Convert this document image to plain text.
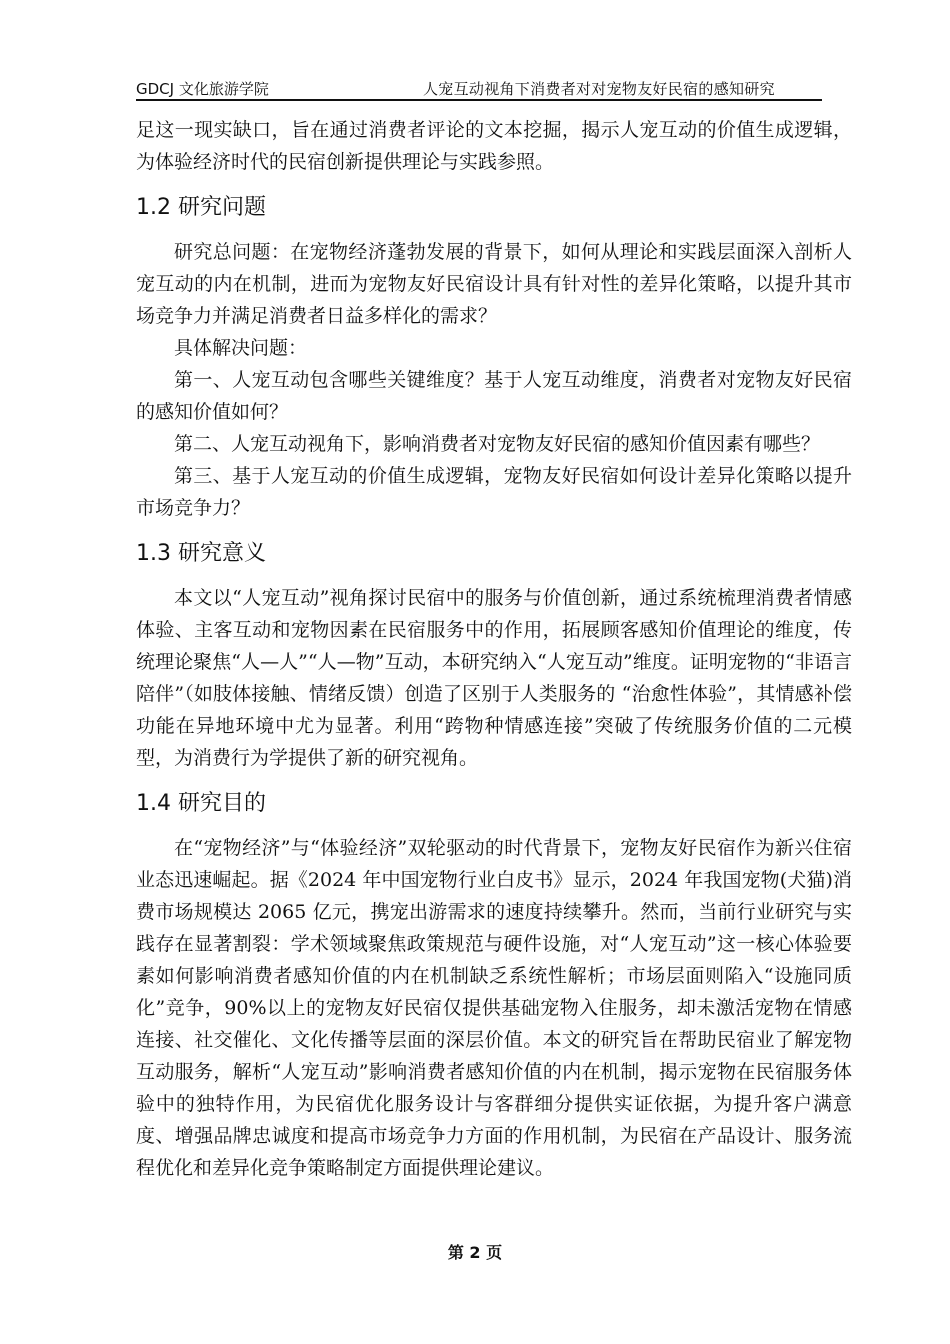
GDCJ 文化旅游学院	人宠互动视角下消费者对对宠物友好民宿的感知研究

足这一现实缺口，旨在通过消费者评论的文本挖掘，揭示人宠互动的价值生成逻辑，为体验经济时代的民宿创新提供理论与实践参照。

1.2 研究问题

研究总问题：在宠物经济蓬勃发展的背景下，如何从理论和实践层面深入剖析人宠互动的内在机制，进而为宠物友好民宿设计具有针对性的差异化策略，以提升其市场竞争力并满足消费者日益多样化的需求？

具体解决问题：

第一、人宠互动包含哪些关键维度？基于人宠互动维度，消费者对宠物友好民宿的感知价值如何？

第二、人宠互动视角下，影响消费者对宠物友好民宿的感知价值因素有哪些？

第三、基于人宠互动的价值生成逻辑，宠物友好民宿如何设计差异化策略以提升市场竞争力？

1.3 研究意义

本文以“人宠互动”视角探讨民宿中的服务与价值创新，通过系统梳理消费者情感体验、主客互动和宠物因素在民宿服务中的作用，拓展顾客感知价值理论的维度，传统理论聚焦“人—人”“人—物”互动，本研究纳入“人宠互动”维度。证明宠物的“非语言陪伴”（如肢体接触、情绪反馈）创造了区别于人类服务的 “治愈性体验”，其情感补偿功能在异地环境中尤为显著。利用“跨物种情感连接”突破了传统服务价值的二元模型，为消费行为学提供了新的研究视角。

1.4 研究目的

在“宠物经济”与“体验经济”双轮驱动的时代背景下，宠物友好民宿作为新兴住宿业态迅速崛起。据《2024 年中国宠物行业白皮书》显示，2024 年我国宠物(犬猫)消费市场规模达 2065 亿元，携宠出游需求的速度持续攀升。然而，当前行业研究与实践存在显著割裂：学术领域聚焦政策规范与硬件设施，对“人宠互动”这一核心体验要素如何影响消费者感知价值的内在机制缺乏系统性解析；市场层面则陷入“设施同质化”竞争，90%以上的宠物友好民宿仅提供基础宠物入住服务，却未激活宠物在情感连接、社交催化、文化传播等层面的深层价值。本文的研究旨在帮助民宿业了解宠物互动服务，解析“人宠互动”影响消费者感知价值的内在机制，揭示宠物在民宿服务体验中的独特作用，为民宿优化服务设计与客群细分提供实证依据，为提升客户满意度、增强品牌忠诚度和提高市场竞争力方面的作用机制，为民宿在产品设计、服务流程优化和差异化竞争策略制定方面提供理论建议。

第 2 页
